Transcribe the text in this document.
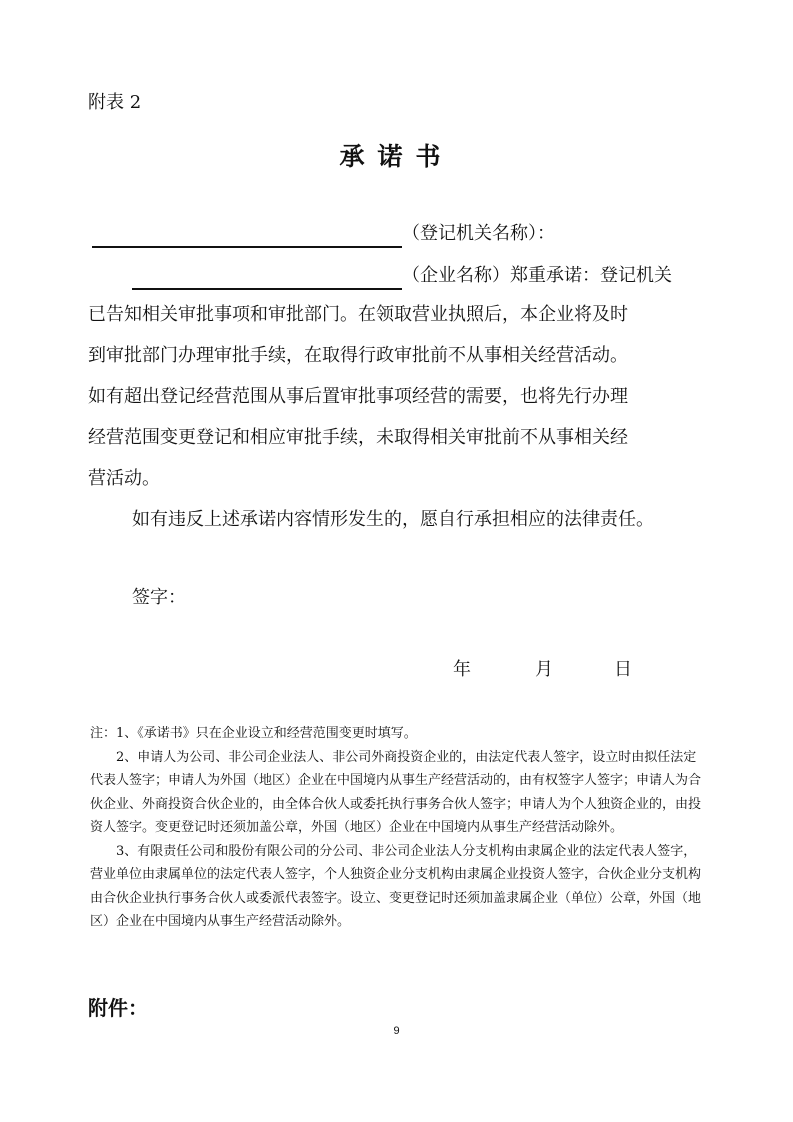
附表 2
承诺书
（登记机关名称）：
（企业名称）郑重承诺：登记机关
已告知相关审批事项和审批部门。在领取营业执照后，本企业将及时
到审批部门办理审批手续，在取得行政审批前不从事相关经营活动。
如有超出登记经营范围从事后置审批事项经营的需要，也将先行办理
经营范围变更登记和相应审批手续，未取得相关审批前不从事相关经
营活动。
如有违反上述承诺内容情形发生的，愿自行承担相应的法律责任。
签字：
年	月	日

注：1、《承诺书》只在企业设立和经营范围变更时填写。

2、申请人为公司、非公司企业法人、非公司外商投资企业的，由法定代表人签字，设立时由拟任法定代表人签字；申请人为外国（地区）企业在中国境内从事生产经营活动的，由有权签字人签字；申请人为合伙企业、外商投资合伙企业的，由全体合伙人或委托执行事务合伙人签字；申请人为个人独资企业的，由投资人签字。变更登记时还须加盖公章，外国（地区）企业在中国境内从事生产经营活动除外。

3、有限责任公司和股份有限公司的分公司、非公司企业法人分支机构由隶属企业的法定代表人签字，营业单位由隶属单位的法定代表人签字，个人独资企业分支机构由隶属企业投资人签字，合伙企业分支机构由合伙企业执行事务合伙人或委派代表签字。设立、变更登记时还须加盖隶属企业（单位）公章，外国（地区）企业在中国境内从事生产经营活动除外。

附件：
9
